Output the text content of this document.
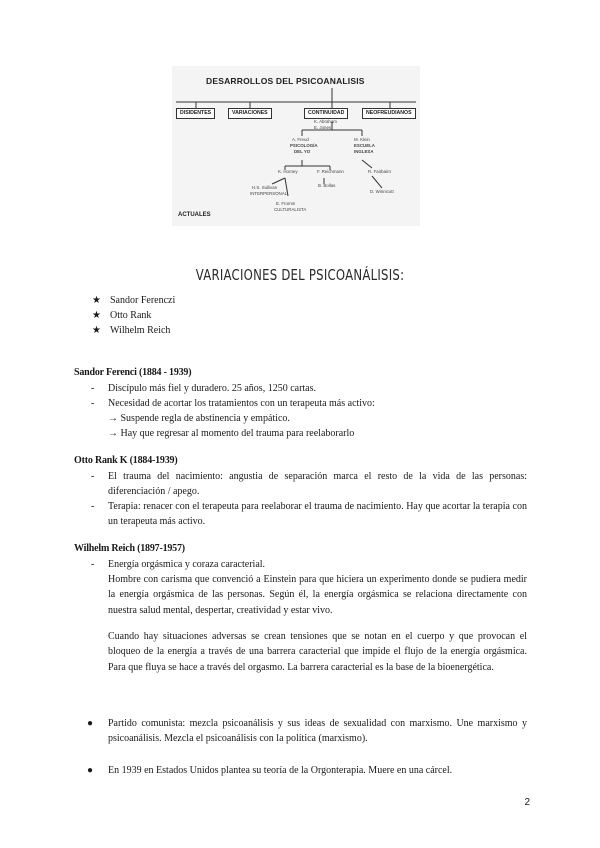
DESARROLLOS DEL PSICOANALISIS
DISIDENTES	VARIACIONES	CONTINUIDAD	NEOFREUDIANOS
K. Abraham
E. Jones
A. Freud
PSICOLOGÍA
DEL YO
M. Klein
ESCUELA
INGLESA
K. Horney	F. Reichmann	R. Fairbairn
H.S. Sullivan
INTERPERSONAL
B. Bollas
D. Winnicott
E. Fromm
CULTURALISTA
ACTUALES
VARIACIONES DEL PSICOANÁLISIS:
★ Sandor Ferenczi
★ Otto Rank
★ Wilhelm Reich
Sandor Ferenci (1884 - 1939)
- Discípulo más fiel y duradero. 25 años, 1250 cartas.
- Necesidad de acortar los tratamientos con un terapeuta más activo:
→ Suspende regla de abstinencia y empático.
→ Hay que regresar al momento del trauma para reelaborarlo
Otto Rank K (1884-1939)
- El trauma del nacimiento: angustia de separación marca el resto de la vida de las personas: diferenciación / apego.
- Terapia: renacer con el terapeuta para reelaborar el trauma de nacimiento. Hay que acortar la terapia con un terapeuta más activo.
Wilhelm Reich (1897-1957)
- Energía orgásmica y coraza caracterial.
Hombre con carisma que convenció a Einstein para que hiciera un experimento donde se pudiera medir la energía orgásmica de las personas. Según él, la energía orgásmica se relaciona directamente con nuestra salud mental, despertar, creatividad y estar vivo.
Cuando hay situaciones adversas se crean tensiones que se notan en el cuerpo y que provocan el bloqueo de la energía a través de una barrera caracterial que impide el flujo de la energía orgásmica. Para que fluya se hace a través del orgasmo. La barrera caracterial es la base de la bioenergética.
● Partido comunista: mezcla psicoanálisis y sus ideas de sexualidad con marxismo. Une marxismo y psicoanálisis. Mezcla el psicoanálisis con la política (marxismo).
● En 1939 en Estados Unidos plantea su teoría de la Orgonterapia. Muere en una cárcel.
2
